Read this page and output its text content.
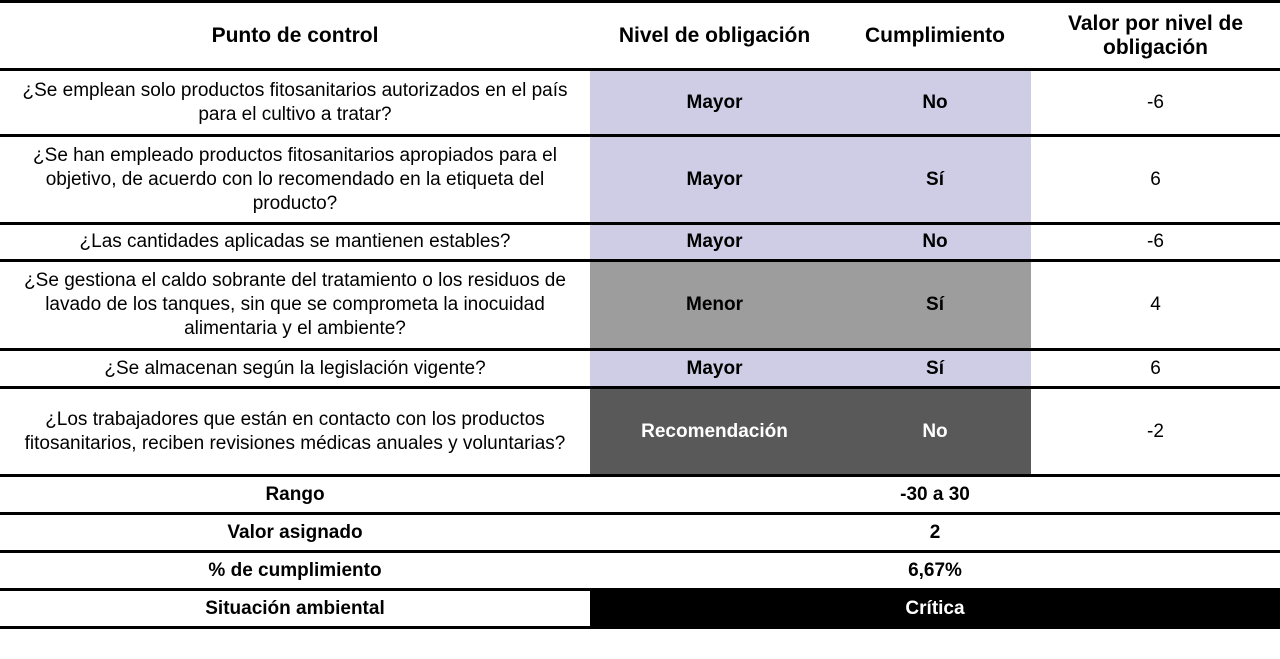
Punto de control	Nivel de obligación	Cumplimiento	Valor por nivel de obligación
¿Se emplean solo productos fitosanitarios autorizados en el país para el cultivo a tratar?	Mayor	No	-6
¿Se han empleado productos fitosanitarios apropiados para el objetivo, de acuerdo con lo recomendado en la etiqueta del producto?	Mayor	Sí	6
¿Las cantidades aplicadas se mantienen estables?	Mayor	No	-6
¿Se gestiona el caldo sobrante del tratamiento o los residuos de lavado de los tanques, sin que se comprometa la inocuidad alimentaria y el ambiente?	Menor	Sí	4
¿Se almacenan según la legislación vigente?	Mayor	Sí	6
¿Los trabajadores que están en contacto con los productos fitosanitarios, reciben revisiones médicas anuales y voluntarias?	Recomendación	No	-2
Rango	-30 a 30		
Valor asignado	2		
% de cumplimiento	6,67%		
Situación ambiental	Crítica		
